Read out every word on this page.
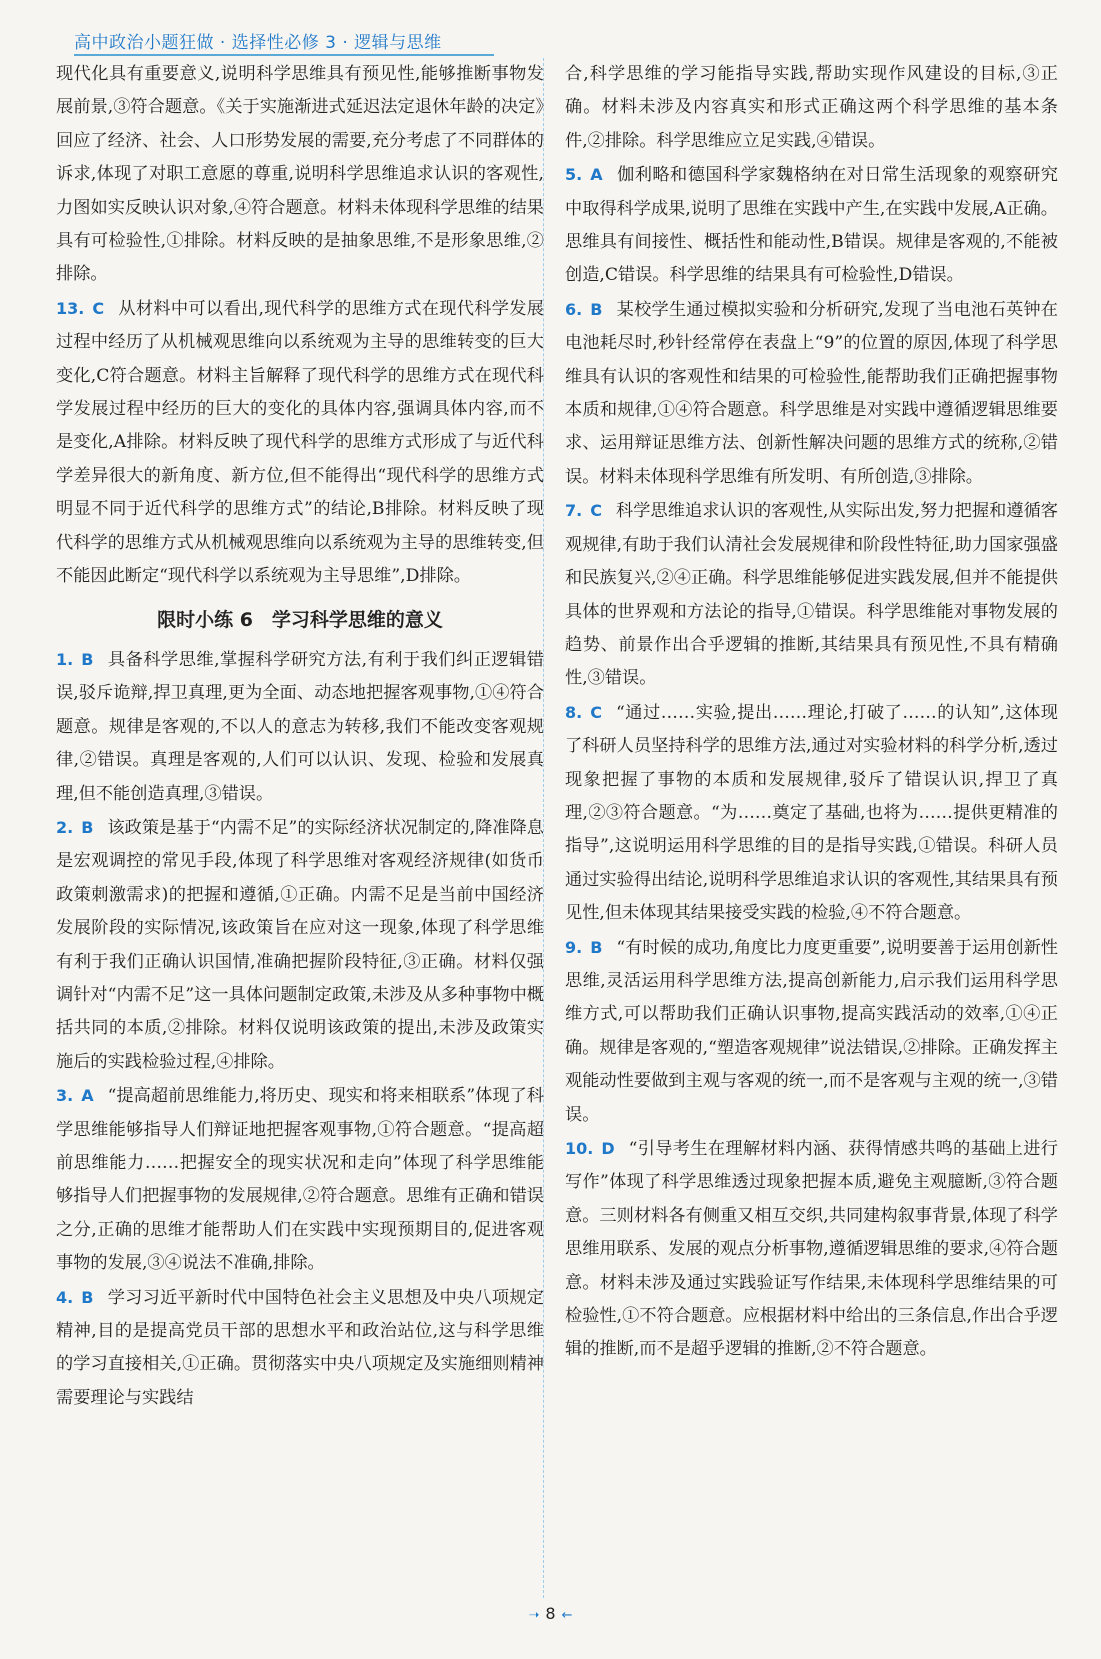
高中政治小题狂做 · 选择性必修 3 · 逻辑与思维

现代化具有重要意义,说明科学思维具有预见性,能够推断事物发展前景,③符合题意。《关于实施渐进式延迟法定退休年龄的决定》回应了经济、社会、人口形势发展的需要,充分考虑了不同群体的诉求,体现了对职工意愿的尊重,说明科学思维追求认识的客观性,力图如实反映认识对象,④符合题意。材料未体现科学思维的结果具有可检验性,①排除。材料反映的是抽象思维,不是形象思维,②排除。

13. C 从材料中可以看出,现代科学的思维方式在现代科学发展过程中经历了从机械观思维向以系统观为主导的思维转变的巨大变化,C符合题意。材料主旨解释了现代科学的思维方式在现代科学发展过程中经历的巨大的变化的具体内容,强调具体内容,而不是变化,A排除。材料反映了现代科学的思维方式形成了与近代科学差异很大的新角度、新方位,但不能得出“现代科学的思维方式明显不同于近代科学的思维方式”的结论,B排除。材料反映了现代科学的思维方式从机械观思维向以系统观为主导的思维转变,但不能因此断定“现代科学以系统观为主导思维”,D排除。

限时小练 6　学习科学思维的意义

1. B 具备科学思维,掌握科学研究方法,有利于我们纠正逻辑错误,驳斥诡辩,捍卫真理,更为全面、动态地把握客观事物,①④符合题意。规律是客观的,不以人的意志为转移,我们不能改变客观规律,②错误。真理是客观的,人们可以认识、发现、检验和发展真理,但不能创造真理,③错误。

2. B 该政策是基于“内需不足”的实际经济状况制定的,降准降息是宏观调控的常见手段,体现了科学思维对客观经济规律(如货币政策刺激需求)的把握和遵循,①正确。内需不足是当前中国经济发展阶段的实际情况,该政策旨在应对这一现象,体现了科学思维有利于我们正确认识国情,准确把握阶段特征,③正确。材料仅强调针对“内需不足”这一具体问题制定政策,未涉及从多种事物中概括共同的本质,②排除。材料仅说明该政策的提出,未涉及政策实施后的实践检验过程,④排除。

3. A “提高超前思维能力,将历史、现实和将来相联系”体现了科学思维能够指导人们辩证地把握客观事物,①符合题意。“提高超前思维能力……把握安全的现实状况和走向”体现了科学思维能够指导人们把握事物的发展规律,②符合题意。思维有正确和错误之分,正确的思维才能帮助人们在实践中实现预期目的,促进客观事物的发展,③④说法不准确,排除。

4. B 学习习近平新时代中国特色社会主义思想及中央八项规定精神,目的是提高党员干部的思想水平和政治站位,这与科学思维的学习直接相关,①正确。贯彻落实中央八项规定及实施细则精神需要理论与实践结

合,科学思维的学习能指导实践,帮助实现作风建设的目标,③正确。材料未涉及内容真实和形式正确这两个科学思维的基本条件,②排除。科学思维应立足实践,④错误。

5. A 伽利略和德国科学家魏格纳在对日常生活现象的观察研究中取得科学成果,说明了思维在实践中产生,在实践中发展,A正确。思维具有间接性、概括性和能动性,B错误。规律是客观的,不能被创造,C错误。科学思维的结果具有可检验性,D错误。

6. B 某校学生通过模拟实验和分析研究,发现了当电池石英钟在电池耗尽时,秒针经常停在表盘上“9”的位置的原因,体现了科学思维具有认识的客观性和结果的可检验性,能帮助我们正确把握事物本质和规律,①④符合题意。科学思维是对实践中遵循逻辑思维要求、运用辩证思维方法、创新性解决问题的思维方式的统称,②错误。材料未体现科学思维有所发明、有所创造,③排除。

7. C 科学思维追求认识的客观性,从实际出发,努力把握和遵循客观规律,有助于我们认清社会发展规律和阶段性特征,助力国家强盛和民族复兴,②④正确。科学思维能够促进实践发展,但并不能提供具体的世界观和方法论的指导,①错误。科学思维能对事物发展的趋势、前景作出合乎逻辑的推断,其结果具有预见性,不具有精确性,③错误。

8. C “通过……实验,提出……理论,打破了……的认知”,这体现了科研人员坚持科学的思维方法,通过对实验材料的科学分析,透过现象把握了事物的本质和发展规律,驳斥了错误认识,捍卫了真理,②③符合题意。“为……奠定了基础,也将为……提供更精准的指导”,这说明运用科学思维的目的是指导实践,①错误。科研人员通过实验得出结论,说明科学思维追求认识的客观性,其结果具有预见性,但未体现其结果接受实践的检验,④不符合题意。

9. B “有时候的成功,角度比力度更重要”,说明要善于运用创新性思维,灵活运用科学思维方法,提高创新能力,启示我们运用科学思维方式,可以帮助我们正确认识事物,提高实践活动的效率,①④正确。规律是客观的,“塑造客观规律”说法错误,②排除。正确发挥主观能动性要做到主观与客观的统一,而不是客观与主观的统一,③错误。

10. D “引导考生在理解材料内涵、获得情感共鸣的基础上进行写作”体现了科学思维透过现象把握本质,避免主观臆断,③符合题意。三则材料各有侧重又相互交织,共同建构叙事背景,体现了科学思维用联系、发展的观点分析事物,遵循逻辑思维的要求,④符合题意。材料未涉及通过实践验证写作结果,未体现科学思维结果的可检验性,①不符合题意。应根据材料中给出的三条信息,作出合乎逻辑的推断,而不是超乎逻辑的推断,②不符合题意。

➝ 8 ←
